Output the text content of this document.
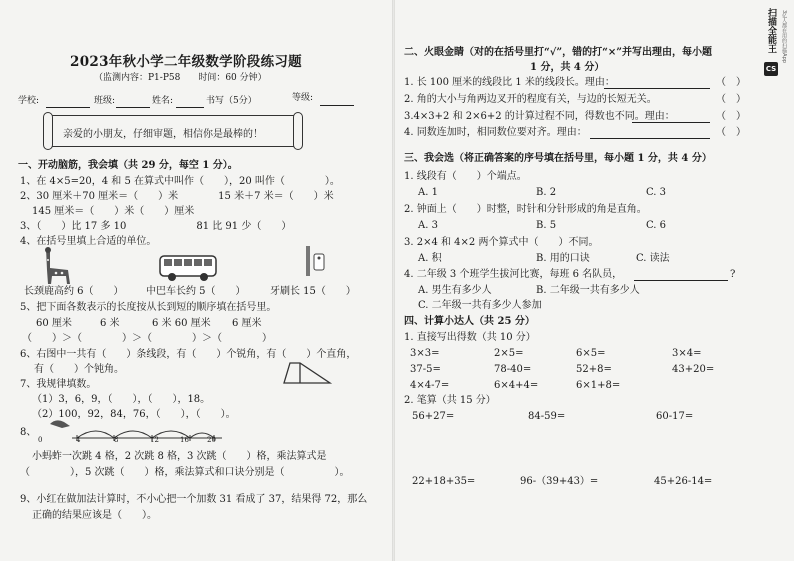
2023年秋小学二年级数学阶段练习题
（监测内容：P1-P58　　时间：60 分钟）
学校:	班级:	姓名:	书写（5分）	等级:
亲爱的小朋友，仔细审题，相信你是最棒的！
一、开动脑筋，我会填（共 29 分，每空 1 分）。
1、在 4×5=20，4 和 5 在算式中叫作（　　），20 叫作（　　　　）。
2、30 厘米＋70 厘米＝（　　）米　　　　15 米＋7 米＝（　　）米
145 厘米＝（　　）米（　　）厘米
3、（　　）比 17 多 10　　　　　　　81 比 91 少（　　）
4、在括号里填上合适的单位。
长颈鹿高约 6（　　） 中巴车长约 5（　　） 牙刷长 15（　　）
5、把下面各数表示的长度按从长到短的顺序填在括号里。
60 厘米	6 米	6 米 60 厘米 6 厘米
（　　）＞（　　　　）＞（　　　　）＞（　　　　）
6、右图中一共有（　　）条线段，有（　　）个锐角，有（　　）个直角，
有（　　）个钝角。
7、我规律填数。
（1）3，6，9，（　　），（　　），18。
（2）100，92，84，76，（　　），（　　）。
8、
0	4	8	12	16	20
小蚂蚱一次跳 4 格，2 次跳 8 格，3 次跳（　　）格，乘法算式是
（　　　　），5 次跳（　　）格，乘法算式和口诀分别是（　　　　　）。
9、小红在做加法计算时，不小心把一个加数 31 看成了 37，结果得 72，那么
正确的结果应该是（　　）。
二、火眼金睛（对的在括号里打“√”，错的打“×”并写出理由，每小题
1 分，共 4 分）
1. 长 100 厘米的线段比 1 米的线段长。理由：	（　）
2. 角的大小与角两边叉开的程度有关，与边的长短无关。	（　）
3.4×3+2 和 2×6+2 的计算过程不同，得数也不同。理由：	（　）
4. 同数连加时，相同数位要对齐。理由：	（　）
三、我会选（将正确答案的序号填在括号里，每小题 1 分，共 4 分）
1. 线段有（　　）个端点。
A. 1	B. 2	C. 3
2. 钟面上（　　）时整，时针和分针形成的角是直角。
A. 3	B. 5	C. 6
3. 2×4 和 4×2 两个算式中（　　）不同。
A. 积	B. 用的口诀	C. 读法
4. 二年级 3 个班学生拔河比赛，每班 6 名队员，	?
A. 男生有多少人	B. 二年级一共有多少人
C. 二年级一共有多少人参加
四、计算小达人（共 25 分）
1. 直接写出得数（共 10 分）
3×3=	2×5=	6×5=	3×4=
37-5=	78-40=	52+8=	43+20=
4×4-7=	6×4+4=	6×1+8=
2. 笔算（共 15 分）
56+27=	84-59=	60-17=
22+18+35=	96-（39+43）=	45+26-14=
扫描全能王
CS
3亿人都在用的扫描App
